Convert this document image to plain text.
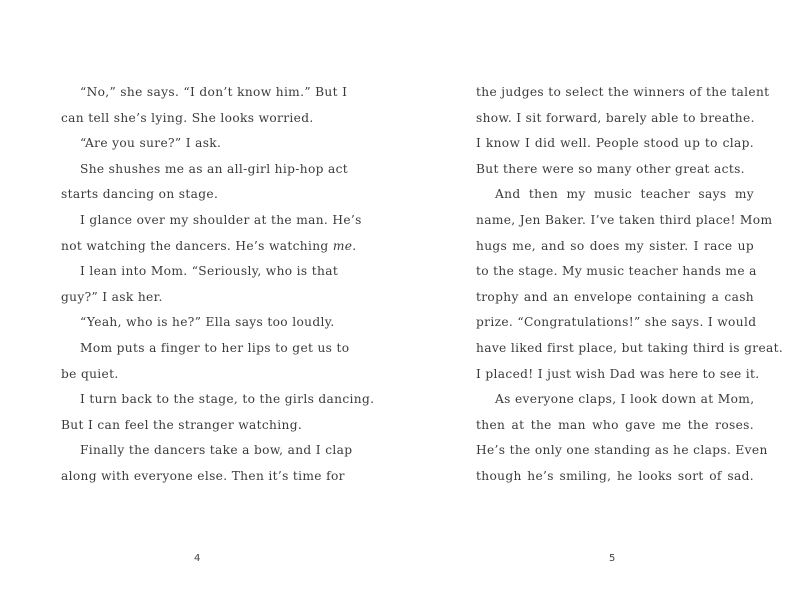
“No,” she says. “I don’t know him.” But I
can tell she’s lying. She looks worried.
“Are you sure?” I ask.
She shushes me as an all-girl hip-hop act
starts dancing on stage.
I glance over my shoulder at the man. He’s
not watching the dancers. He’s watching me.
I lean into Mom. “Seriously, who is that
guy?” I ask her.
“Yeah, who is he?” Ella says too loudly.
Mom puts a finger to her lips to get us to
be quiet.
I turn back to the stage, to the girls dancing.
But I can feel the stranger watching.
Finally the dancers take a bow, and I clap
along with everyone else. Then it’s time for
4
the judges to select the winners of the talent
show. I sit forward, barely able to breathe.
I know I did well. People stood up to clap.
But there were so many other great acts.
And then my music teacher says my
name, Jen Baker. I’ve taken third place! Mom
hugs me, and so does my sister. I race up
to the stage. My music teacher hands me a
trophy and an envelope containing a cash
prize. “Congratulations!” she says. I would
have liked first place, but taking third is great.
I placed! I just wish Dad was here to see it.
As everyone claps, I look down at Mom,
then at the man who gave me the roses.
He’s the only one standing as he claps. Even
though he’s smiling, he looks sort of sad.
5
